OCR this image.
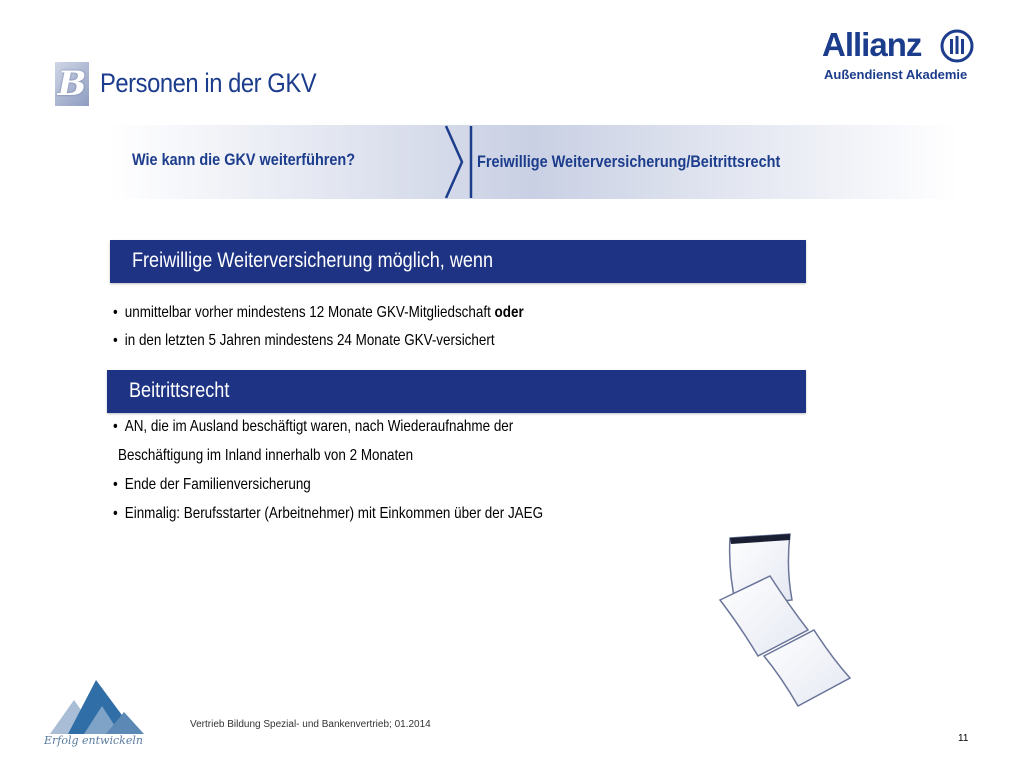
B Personen in der GKV
Allianz
Außendienst Akademie
Wie kann die GKV weiterführen?	Freiwillige Weiterversicherung/Beitrittsrecht
Freiwillige Weiterversicherung möglich, wenn
• unmittelbar vorher mindestens 12 Monate GKV-Mitgliedschaft oder
• in den letzten 5 Jahren mindestens 24 Monate GKV-versichert
Beitrittsrecht
• AN, die im Ausland beschäftigt waren, nach Wiederaufnahme der
Beschäftigung im Inland innerhalb von 2 Monaten
• Ende der Familienversicherung
• Einmalig: Berufsstarter (Arbeitnehmer) mit Einkommen über der JAEG
Erfolg entwickeln
Vertrieb Bildung Spezial- und Bankenvertrieb; 01.2014
11
